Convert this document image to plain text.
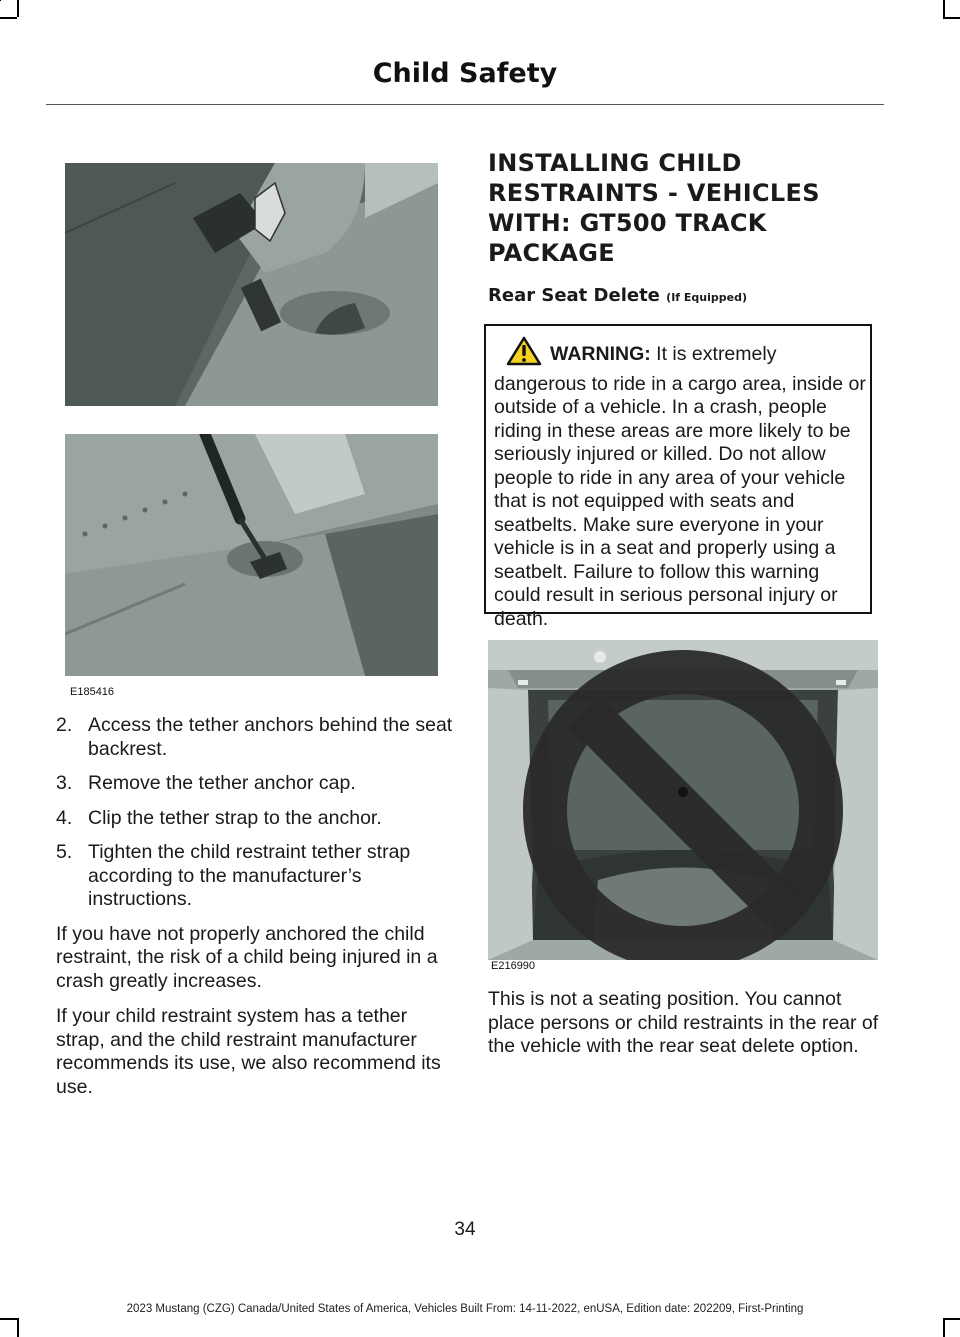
Child Safety
E185416
2. Access the tether anchors behind the seat backrest.
3. Remove the tether anchor cap.
4. Clip the tether strap to the anchor.
5. Tighten the child restraint tether strap according to the manufacturer’s instructions.

If you have not properly anchored the child restraint, the risk of a child being injured in a crash greatly increases.

If your child restraint system has a tether strap, and the child restraint manufacturer recommends its use, we also recommend its use.

INSTALLING CHILD RESTRAINTS - VEHICLES WITH: GT500 TRACK PACKAGE
Rear Seat Delete (If Equipped)
WARNING: It is extremely dangerous to ride in a cargo area, inside or outside of a vehicle. In a crash, people riding in these areas are more likely to be seriously injured or killed. Do not allow people to ride in any area of your vehicle that is not equipped with seats and seatbelts. Make sure everyone in your vehicle is in a seat and properly using a seatbelt. Failure to follow this warning could result in serious personal injury or death.
E216990
This is not a seating position. You cannot place persons or child restraints in the rear of the vehicle with the rear seat delete option.
34
2023 Mustang (CZG) Canada/United States of America, Vehicles Built From: 14-11-2022, enUSA, Edition date: 202209, First-Printing
